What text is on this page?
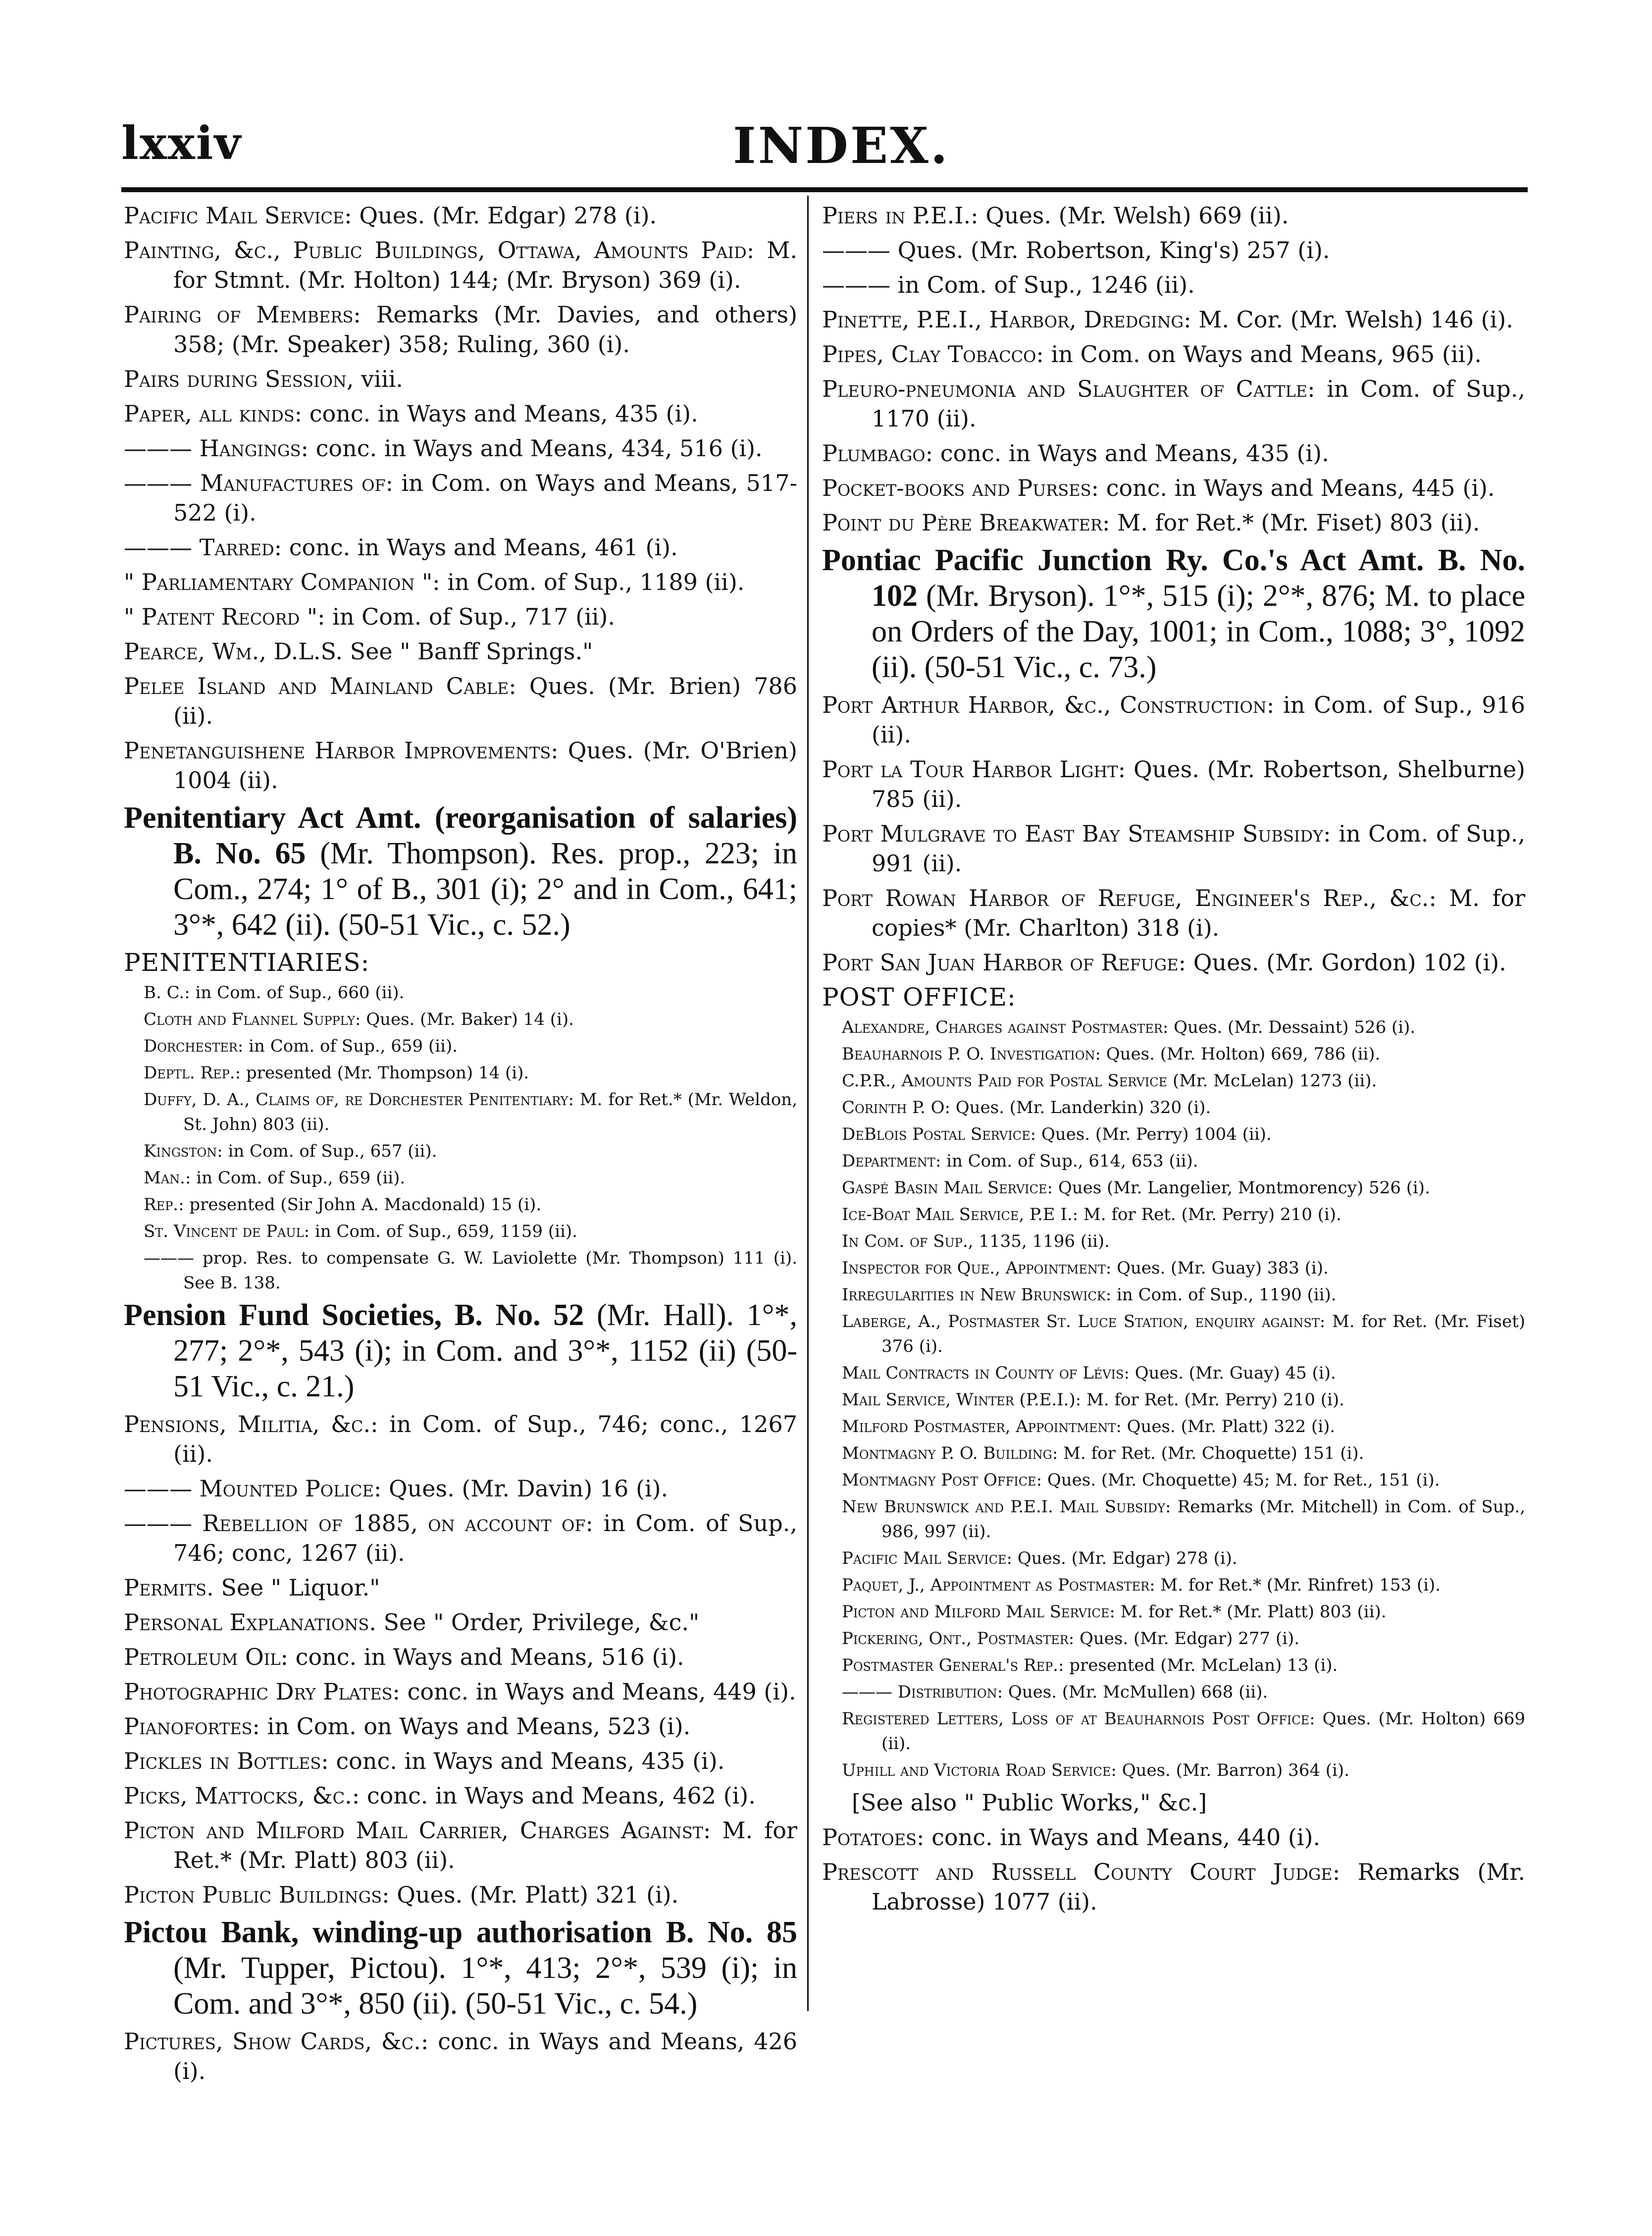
lxxiv	INDEX.
Pacific Mail Service: Ques. (Mr. Edgar) 278 (i).
Painting, &c., Public Buildings, Ottawa, Amounts Paid: M. for Stmnt. (Mr. Holton) 144; (Mr. Bryson) 369 (i).
Pairing of Members: Remarks (Mr. Davies, and others) 358; (Mr. Speaker) 358; Ruling, 360 (i).
Pairs during Session, viii.
Paper, all kinds: conc. in Ways and Means, 435 (i).
——— Hangings: conc. in Ways and Means, 434, 516 (i).
——— Manufactures of: in Com. on Ways and Means, 517-522 (i).
——— Tarred: conc. in Ways and Means, 461 (i).
" Parliamentary Companion ": in Com. of Sup., 1189 (ii).
" Patent Record ": in Com. of Sup., 717 (ii).
Pearce, Wm., D.L.S. See " Banff Springs."
Pelee Island and Mainland Cable: Ques. (Mr. Brien) 786 (ii).
Penetanguishene Harbor Improvements: Ques. (Mr. O'Brien) 1004 (ii).
Penitentiary Act Amt. (reorganisation of salaries) B. No. 65 (Mr. Thompson). Res. prop., 223; in Com., 274; 1° of B., 301 (i); 2° and in Com., 641; 3°*, 642 (ii). (50-51 Vic., c. 52.)
PENITENTIARIES:
B. C.: in Com. of Sup., 660 (ii).
Cloth and Flannel Supply: Ques. (Mr. Baker) 14 (i).
Dorchester: in Com. of Sup., 659 (ii).
Deptl. Rep.: presented (Mr. Thompson) 14 (i).
Duffy, D. A., Claims of, re Dorchester Penitentiary: M. for Ret.* (Mr. Weldon, St. John) 803 (ii).
Kingston: in Com. of Sup., 657 (ii).
Man.: in Com. of Sup., 659 (ii).
Rep.: presented (Sir John A. Macdonald) 15 (i).
St. Vincent de Paul: in Com. of Sup., 659, 1159 (ii).
——— prop. Res. to compensate G. W. Laviolette (Mr. Thompson) 111 (i). See B. 138.
Pension Fund Societies, B. No. 52 (Mr. Hall). 1°*, 277; 2°*, 543 (i); in Com. and 3°*, 1152 (ii) (50-51 Vic., c. 21.)
Pensions, Militia, &c.: in Com. of Sup., 746; conc., 1267 (ii).
——— Mounted Police: Ques. (Mr. Davin) 16 (i).
——— Rebellion of 1885, on account of: in Com. of Sup., 746; conc, 1267 (ii).
Permits. See " Liquor."
Personal Explanations. See " Order, Privilege, &c."
Petroleum Oil: conc. in Ways and Means, 516 (i).
Photographic Dry Plates: conc. in Ways and Means, 449 (i).
Pianofortes: in Com. on Ways and Means, 523 (i).
Pickles in Bottles: conc. in Ways and Means, 435 (i).
Picks, Mattocks, &c.: conc. in Ways and Means, 462 (i).
Picton and Milford Mail Carrier, Charges Against: M. for Ret.* (Mr. Platt) 803 (ii).
Picton Public Buildings: Ques. (Mr. Platt) 321 (i).
Pictou Bank, winding-up authorisation B. No. 85 (Mr. Tupper, Pictou). 1°*, 413; 2°*, 539 (i); in Com. and 3°*, 850 (ii). (50-51 Vic., c. 54.)
Pictures, Show Cards, &c.: conc. in Ways and Means, 426 (i).
Piers in P.E.I.: Ques. (Mr. Welsh) 669 (ii).
——— Ques. (Mr. Robertson, King's) 257 (i).
——— in Com. of Sup., 1246 (ii).
Pinette, P.E.I., Harbor, Dredging: M. Cor. (Mr. Welsh) 146 (i).
Pipes, Clay Tobacco: in Com. on Ways and Means, 965 (ii).
Pleuro-pneumonia and Slaughter of Cattle: in Com. of Sup., 1170 (ii).
Plumbago: conc. in Ways and Means, 435 (i).
Pocket-books and Purses: conc. in Ways and Means, 445 (i).
Point du Père Breakwater: M. for Ret.* (Mr. Fiset) 803 (ii).
Pontiac Pacific Junction Ry. Co.'s Act Amt. B. No. 102 (Mr. Bryson). 1°*, 515 (i); 2°*, 876; M. to place on Orders of the Day, 1001; in Com., 1088; 3°, 1092 (ii). (50-51 Vic., c. 73.)
Port Arthur Harbor, &c., Construction: in Com. of Sup., 916 (ii).
Port la Tour Harbor Light: Ques. (Mr. Robertson, Shelburne) 785 (ii).
Port Mulgrave to East Bay Steamship Subsidy: in Com. of Sup., 991 (ii).
Port Rowan Harbor of Refuge, Engineer's Rep., &c.: M. for copies* (Mr. Charlton) 318 (i).
Port San Juan Harbor of Refuge: Ques. (Mr. Gordon) 102 (i).
POST OFFICE:
Alexandre, Charges against Postmaster: Ques. (Mr. Dessaint) 526 (i).
Beauharnois P. O. Investigation: Ques. (Mr. Holton) 669, 786 (ii).
C.P.R., Amounts Paid for Postal Service (Mr. McLelan) 1273 (ii).
Corinth P. O: Ques. (Mr. Landerkin) 320 (i).
DeBlois Postal Service: Ques. (Mr. Perry) 1004 (ii).
Department: in Com. of Sup., 614, 653 (ii).
Gaspé Basin Mail Service: Ques (Mr. Langelier, Montmorency) 526 (i).
Ice-Boat Mail Service, P.E I.: M. for Ret. (Mr. Perry) 210 (i).
In Com. of Sup., 1135, 1196 (ii).
Inspector for Que., Appointment: Ques. (Mr. Guay) 383 (i).
Irregularities in New Brunswick: in Com. of Sup., 1190 (ii).
Laberge, A., Postmaster St. Luce Station, enquiry against: M. for Ret. (Mr. Fiset) 376 (i).
Mail Contracts in County of Lévis: Ques. (Mr. Guay) 45 (i).
Mail Service, Winter (P.E.I.): M. for Ret. (Mr. Perry) 210 (i).
Milford Postmaster, Appointment: Ques. (Mr. Platt) 322 (i).
Montmagny P. O. Building: M. for Ret. (Mr. Choquette) 151 (i).
Montmagny Post Office: Ques. (Mr. Choquette) 45; M. for Ret., 151 (i).
New Brunswick and P.E.I. Mail Subsidy: Remarks (Mr. Mitchell) in Com. of Sup., 986, 997 (ii).
Pacific Mail Service: Ques. (Mr. Edgar) 278 (i).
Paquet, J., Appointment as Postmaster: M. for Ret.* (Mr. Rinfret) 153 (i).
Picton and Milford Mail Service: M. for Ret.* (Mr. Platt) 803 (ii).
Pickering, Ont., Postmaster: Ques. (Mr. Edgar) 277 (i).
Postmaster General's Rep.: presented (Mr. McLelan) 13 (i).
——— Distribution: Ques. (Mr. McMullen) 668 (ii).
Registered Letters, Loss of at Beauharnois Post Office: Ques. (Mr. Holton) 669 (ii).
Uphill and Victoria Road Service: Ques. (Mr. Barron) 364 (i).
[See also " Public Works," &c.]
Potatoes: conc. in Ways and Means, 440 (i).
Prescott and Russell County Court Judge: Remarks (Mr. Labrosse) 1077 (ii).
